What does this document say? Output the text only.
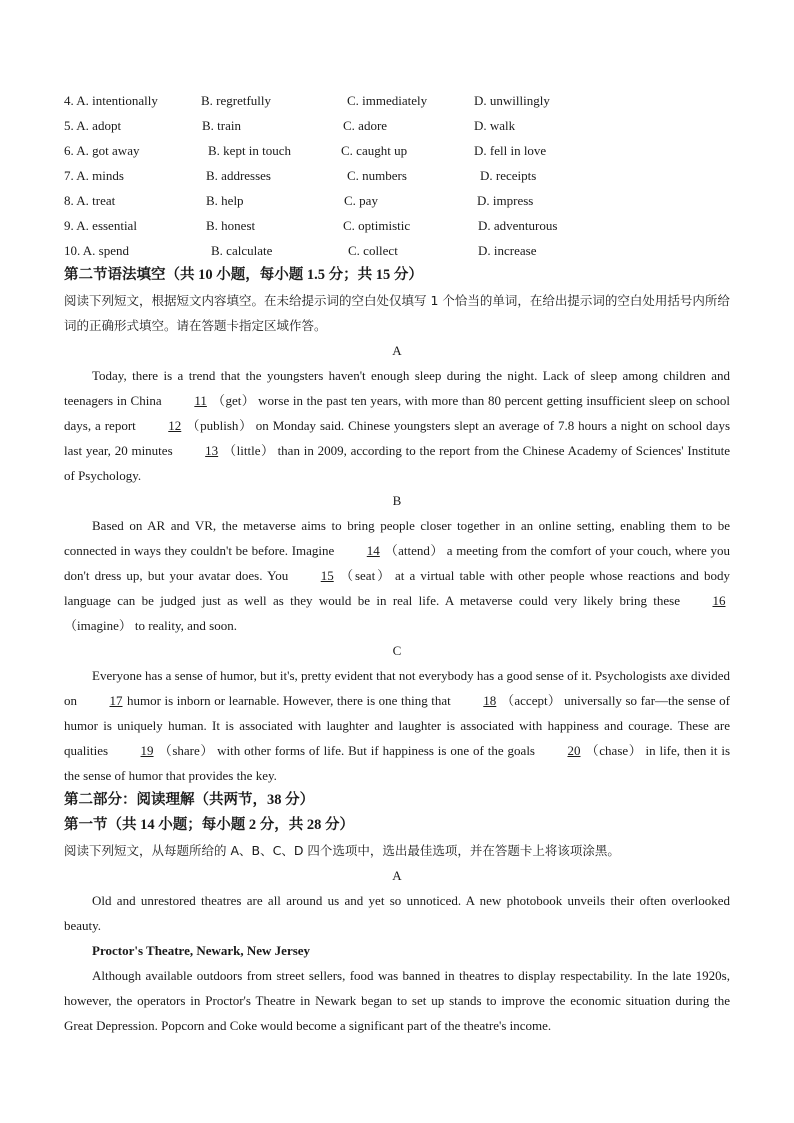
4. A. intentionally	B. regretfully	C. immediately	D. unwillingly
5. A. adopt	B. train	C. adore	D. walk
6. A. got away	B. kept in touch	C. caught up	D. fell in love
7. A. minds	B. addresses	C. numbers	D. receipts
8. A. treat	B. help	C. pay	D. impress
9. A. essential	B. honest	C. optimistic	D. adventurous
10. A. spend	B. calculate	C. collect	D. increase
第二节语法填空（共 10 小题，每小题 1.5 分；共 15 分）
阅读下列短文，根据短文内容填空。在未给提示词的空白处仅填写 1 个恰当的单词，在给出提示词的空白处用括号内所给词的正确形式填空。请在答题卡指定区域作答。
A

Today, there is a trend that the youngsters haven't enough sleep during the night. Lack of sleep among children and teenagers in China	11 （get） worse in the past ten years, with more than 80 percent getting insufficient sleep on school days, a report	12 （publish） on Monday said. Chinese youngsters slept an average of 7.8 hours a night on school days last year, 20 minutes	13 （little） than in 2009, according to the report from the Chinese Academy of Sciences' Institute of Psychology.

B

Based on AR and VR, the metaverse aims to bring people closer together in an online setting, enabling them to be connected in ways they couldn't be before. Imagine	14 （attend） a meeting from the comfort of your couch, where you don't dress up, but your avatar does. You	15 （seat） at a virtual table with other people whose reactions and body language can be judged just as well as they would be in real life. A metaverse could very likely bring these	16（imagine） to reality, and soon.

C

Everyone has a sense of humor, but it's, pretty evident that not everybody has a good sense of it. Psychologists axe divided on	17 humor is inborn or learnable. However, there is one thing that	18 （accept） universally so far—the sense of humor is uniquely human. It is associated with laughter and laughter is associated with happiness and courage. These are qualities	19 （share） with other forms of life. But if happiness is one of the goals	20 （chase） in life, then it is the sense of humor that provides the key.

第二部分：阅读理解（共两节，38 分）
第一节（共 14 小题；每小题 2 分，共 28 分）
阅读下列短文，从每题所给的 A、B、C、D 四个选项中，选出最佳选项，并在答题卡上将该项涂黑。
A

Old and unrestored theatres are all around us and yet so unnoticed. A new photobook unveils their often overlooked beauty.

Proctor's Theatre, Newark, New Jersey

Although available outdoors from street sellers, food was banned in theatres to display respectability. In the late 1920s, however, the operators in Proctor's Theatre in Newark began to set up stands to improve the economic situation during the Great Depression. Popcorn and Coke would become a significant part of the theatre's income.
